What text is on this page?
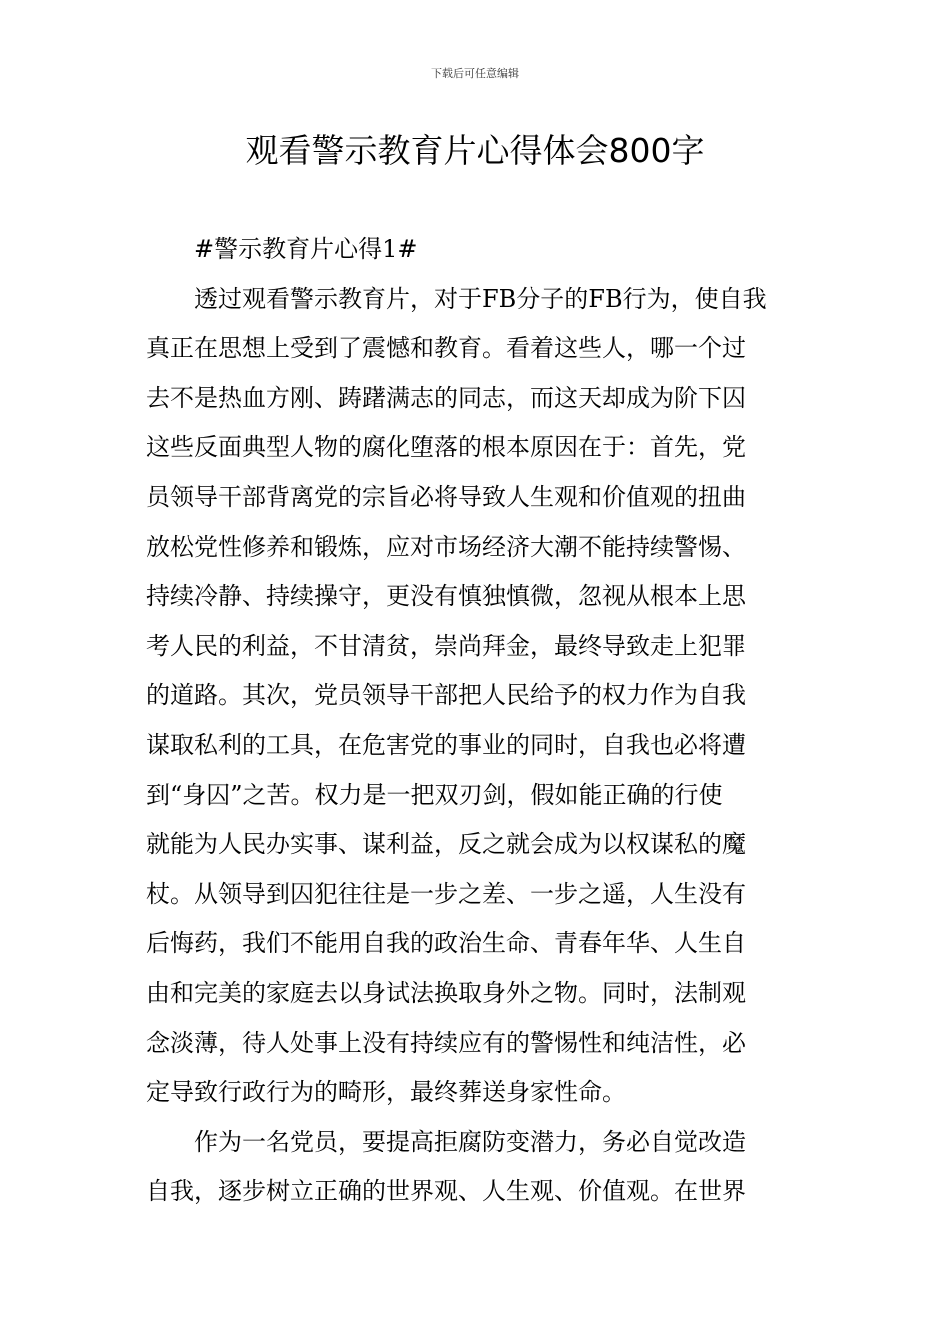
下载后可任意编辑
观看警示教育片心得体会800字

#警示教育片心得1#

透过观看警示教育片，对于FB分子的FB行为，使自我
真正在思想上受到了震憾和教育。看着这些人，哪一个过
去不是热血方刚、踌躇满志的同志，而这天却成为阶下囚
这些反面典型人物的腐化堕落的根本原因在于：首先，党
员领导干部背离党的宗旨必将导致人生观和价值观的扭曲
放松党性修养和锻炼，应对市场经济大潮不能持续警惕、
持续冷静、持续操守，更没有慎独慎微，忽视从根本上思
考人民的利益，不甘清贫，崇尚拜金，最终导致走上犯罪
的道路。其次，党员领导干部把人民给予的权力作为自我
谋取私利的工具，在危害党的事业的同时，自我也必将遭
到“身囚”之苦。权力是一把双刃剑，假如能正确的行使
就能为人民办实事、谋利益，反之就会成为以权谋私的魔
杖。从领导到囚犯往往是一步之差、一步之遥，人生没有
后悔药，我们不能用自我的政治生命、青春年华、人生自
由和完美的家庭去以身试法换取身外之物。同时，法制观
念淡薄，待人处事上没有持续应有的警惕性和纯洁性，必
定导致行政行为的畸形，最终葬送身家性命。

作为一名党员，要提高拒腐防变潜力，务必自觉改造
自我，逐步树立正确的世界观、人生观、价值观。在世界
